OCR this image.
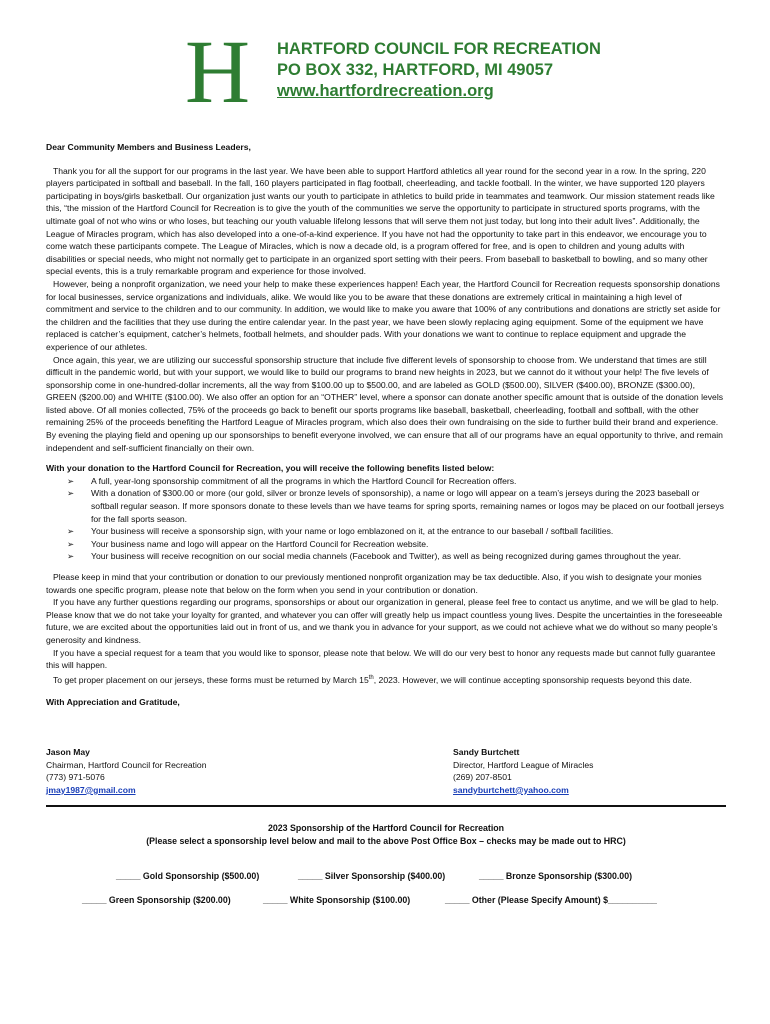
H HARTFORD COUNCIL FOR RECREATION
PO BOX 332, HARTFORD, MI 49057
www.hartfordrecreation.org

Dear Community Members and Business Leaders,

Thank you for all the support for our programs in the last year. We have been able to support Hartford athletics all year round for the second year in a row. In the spring, 220 players participated in softball and baseball. In the fall, 160 players participated in flag football, cheerleading, and tackle football. In the winter, we have supported 120 players participating in boys/girls basketball. Our organization just wants our youth to participate in athletics to build pride in teammates and teamwork. Our mission statement reads like this, “the mission of the Hartford Council for Recreation is to give the youth of the communities we serve the opportunity to participate in structured sports programs, with the ultimate goal of not who wins or who loses, but teaching our youth valuable lifelong lessons that will serve them not just today, but long into their adult lives”. Additionally, the League of Miracles program, which has also developed into a one-of-a-kind experience. If you have not had the opportunity to take part in this endeavor, we encourage you to come watch these participants compete. The League of Miracles, which is now a decade old, is a program offered for free, and is open to children and young adults with disabilities or special needs, who might not normally get to participate in an organized sport setting with their peers. From baseball to basketball to bowling, and so many other special events, this is a truly remarkable program and experience for those involved.

However, being a nonprofit organization, we need your help to make these experiences happen! Each year, the Hartford Council for Recreation requests sponsorship donations for local businesses, service organizations and individuals, alike. We would like you to be aware that these donations are extremely critical in maintaining a high level of commitment and service to the children and to our community. In addition, we would like to make you aware that 100% of any contributions and donations are strictly set aside for the children and the facilities that they use during the entire calendar year. In the past year, we have been slowly replacing aging equipment. Some of the equipment we have replaced is catcher’s equipment, catcher’s helmets, football helmets, and shoulder pads. With your donations we want to continue to replace equipment and upgrade the experience of our athletes.

Once again, this year, we are utilizing our successful sponsorship structure that include five different levels of sponsorship to choose from. We understand that times are still difficult in the pandemic world, but with your support, we would like to build our programs to brand new heights in 2023, but we cannot do it without your help! The five levels of sponsorship come in one-hundred-dollar increments, all the way from $100.00 up to $500.00, and are labeled as GOLD ($500.00), SILVER ($400.00), BRONZE ($300.00), GREEN ($200.00) and WHITE ($100.00). We also offer an option for an “OTHER” level, where a sponsor can donate another specific amount that is outside of the donation levels listed above. Of all monies collected, 75% of the proceeds go back to benefit our sports programs like baseball, basketball, cheerleading, football and softball, with the other remaining 25% of the proceeds benefiting the Hartford League of Miracles program, which also does their own fundraising on the side to further build their brand and experience. By evening the playing field and opening up our sponsorships to benefit everyone involved, we can ensure that all of our programs have an equal opportunity to thrive, and remain independent and self-sufficient financially on their own.

With your donation to the Hartford Council for Recreation, you will receive the following benefits listed below:

➢ A full, year-long sponsorship commitment of all the programs in which the Hartford Council for Recreation offers.
➢ With a donation of $300.00 or more (our gold, silver or bronze levels of sponsorship), a name or logo will appear on a team’s jerseys during the 2023 baseball or softball regular season. If more sponsors donate to these levels than we have teams for spring sports, remaining names or logos may be placed on our football jerseys for the fall sports season.
➢ Your business will receive a sponsorship sign, with your name or logo emblazoned on it, at the entrance to our baseball / softball facilities.
➢ Your business name and logo will appear on the Hartford Council for Recreation website.
➢ Your business will receive recognition on our social media channels (Facebook and Twitter), as well as being recognized during games throughout the year.

Please keep in mind that your contribution or donation to our previously mentioned nonprofit organization may be tax deductible. Also, if you wish to designate your monies towards one specific program, please note that below on the form when you send in your contribution or donation.

If you have any further questions regarding our programs, sponsorships or about our organization in general, please feel free to contact us anytime, and we will be glad to help. Please know that we do not take your loyalty for granted, and whatever you can offer will greatly help us impact countless young lives. Despite the uncertainties in the foreseeable future, we are excited about the opportunities laid out in front of us, and we thank you in advance for your support, as we could not achieve what we do without so many people’s generosity and kindness.

If you have a special request for a team that you would like to sponsor, please note that below. We will do our very best to honor any requests made but cannot fully guarantee this will happen.

To get proper placement on our jerseys, these forms must be returned by March 15th, 2023. However, we will continue accepting sponsorship requests beyond this date.

With Appreciation and Gratitude,

Jason May
Chairman, Hartford Council for Recreation
(773) 971-5076
jmay1987@gmail.com
Sandy Burtchett
Director, Hartford League of Miracles
(269) 207-8501
sandyburtchett@yahoo.com
2023 Sponsorship of the Hartford Council for Recreation
(Please select a sponsorship level below and mail to the above Post Office Box – checks may be made out to HRC)
_____ Gold Sponsorship ($500.00)	_____ Silver Sponsorship ($400.00)	_____ Bronze Sponsorship ($300.00)
_____ Green Sponsorship ($200.00)	_____ White Sponsorship ($100.00)	_____ Other (Please Specify Amount) $__________
